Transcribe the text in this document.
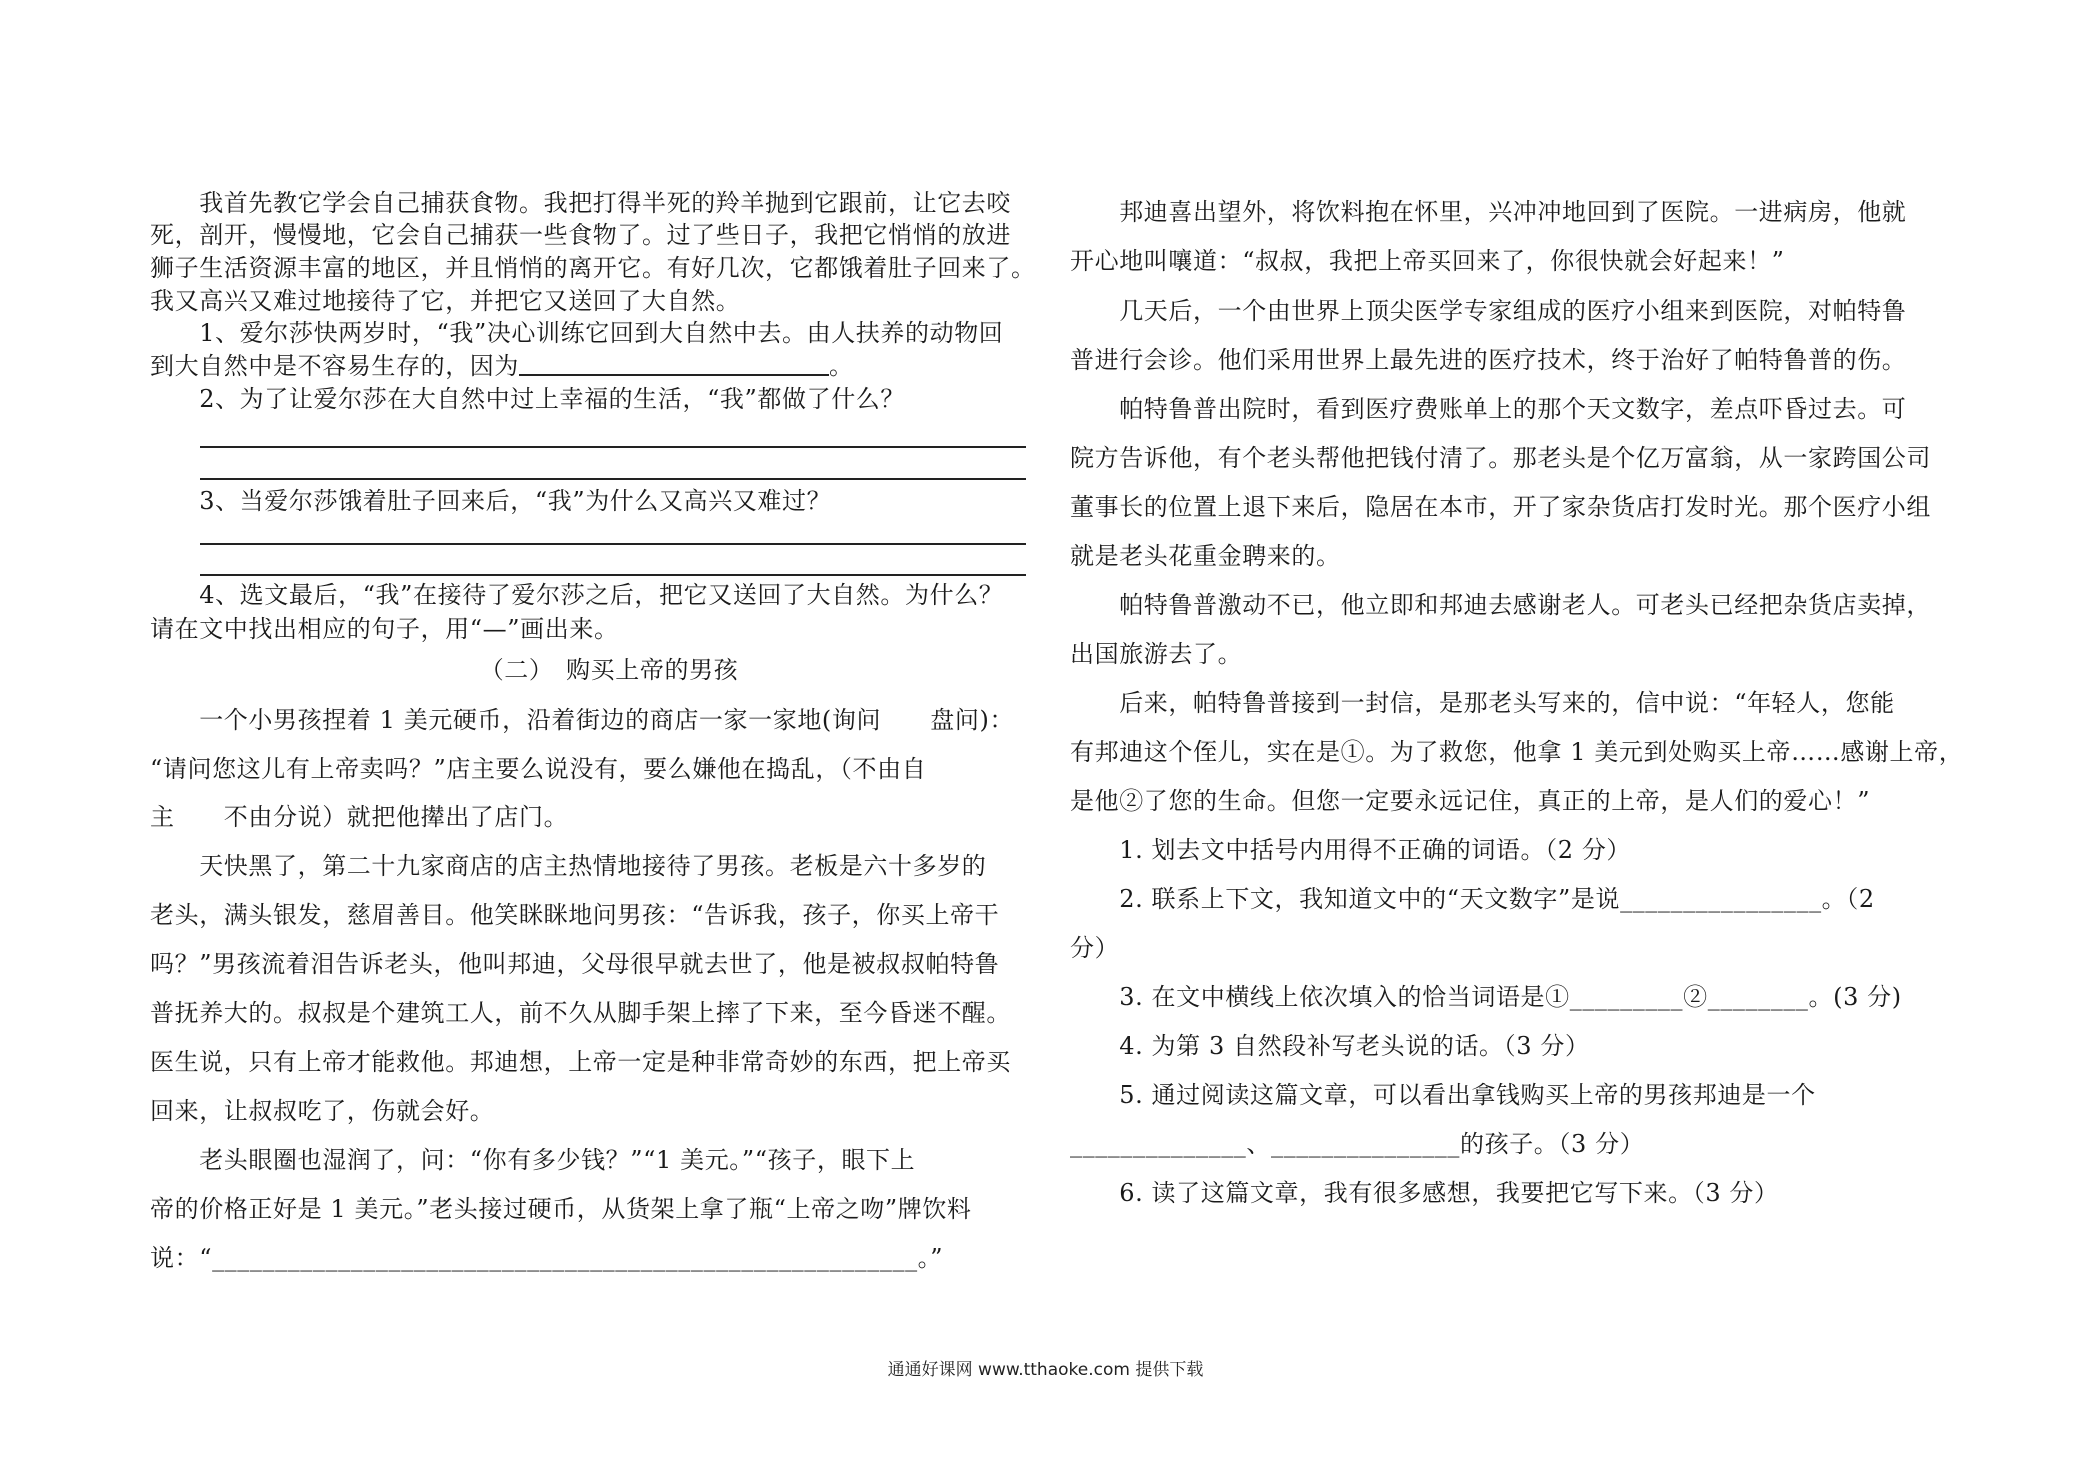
　　我首先教它学会自己捕获食物。我把打得半死的羚羊抛到它跟前，让它去咬
死，剖开，慢慢地，它会自己捕获一些食物了。过了些日子，我把它悄悄的放进
狮子生活资源丰富的地区，并且悄悄的离开它。有好几次，它都饿着肚子回来了。
我又高兴又难过地接待了它，并把它又送回了大自然。
　　1、爱尔莎快两岁时，“我”决心训练它回到大自然中去。由人扶养的动物回
到大自然中是不容易生存的，因为	。
　　2、为了让爱尔莎在大自然中过上幸福的生活，“我”都做了什么？
　　3、当爱尔莎饿着肚子回来后，“我”为什么又高兴又难过？
　　4、选文最后，“我”在接待了爱尔莎之后，把它又送回了大自然。为什么？
请在文中找出相应的句子，用“—”画出来。
（二）　购买上帝的男孩
　　一个小男孩捏着 1 美元硬币，沿着街边的商店一家一家地(询问　　盘问)：
“请问您这儿有上帝卖吗？”店主要么说没有，要么嫌他在捣乱，（不由自
主　　不由分说）就把他撵出了店门。
　　天快黑了，第二十九家商店的店主热情地接待了男孩。老板是六十多岁的
老头，满头银发，慈眉善目。他笑眯眯地问男孩：“告诉我，孩子，你买上帝干
吗？”男孩流着泪告诉老头，他叫邦迪，父母很早就去世了，他是被叔叔帕特鲁
普抚养大的。叔叔是个建筑工人，前不久从脚手架上摔了下来，至今昏迷不醒。
医生说，只有上帝才能救他。邦迪想，上帝一定是种非常奇妙的东西，把上帝买
回来，让叔叔吃了，伤就会好。
　　老头眼圈也湿润了，问：“你有多少钱？”“1 美元。”“孩子，眼下上
帝的价格正好是 1 美元。”老头接过硬币，从货架上拿了瓶“上帝之吻”牌饮料
说：“________________________________________________________。”
　　邦迪喜出望外，将饮料抱在怀里，兴冲冲地回到了医院。一进病房，他就
开心地叫嚷道：“叔叔，我把上帝买回来了，你很快就会好起来！”
　　几天后，一个由世界上顶尖医学专家组成的医疗小组来到医院，对帕特鲁
普进行会诊。他们采用世界上最先进的医疗技术，终于治好了帕特鲁普的伤。
　　帕特鲁普出院时，看到医疗费账单上的那个天文数字，差点吓昏过去。可
院方告诉他，有个老头帮他把钱付清了。那老头是个亿万富翁，从一家跨国公司
董事长的位置上退下来后，隐居在本市，开了家杂货店打发时光。那个医疗小组
就是老头花重金聘来的。
　　帕特鲁普激动不已，他立即和邦迪去感谢老人。可老头已经把杂货店卖掉，
出国旅游去了。
　　后来，帕特鲁普接到一封信，是那老头写来的，信中说：“年轻人，您能
有邦迪这个侄儿，实在是①。为了救您，他拿 1 美元到处购买上帝……感谢上帝，
是他②了您的生命。但您一定要永远记住，真正的上帝，是人们的爱心！”
　　1. 划去文中括号内用得不正确的词语。（2 分）
　　2. 联系上下文，我知道文中的“天文数字”是说________________。（2
分）
　　3. 在文中横线上依次填入的恰当词语是①_________②________。(3 分)
　　4. 为第 3 自然段补写老头说的话。（3 分）
　　5. 通过阅读这篇文章，可以看出拿钱购买上帝的男孩邦迪是一个
______________、_______________的孩子。（3 分）
　　6. 读了这篇文章，我有很多感想，我要把它写下来。（3 分）
通通好课网 www.tthaoke.com 提供下载
